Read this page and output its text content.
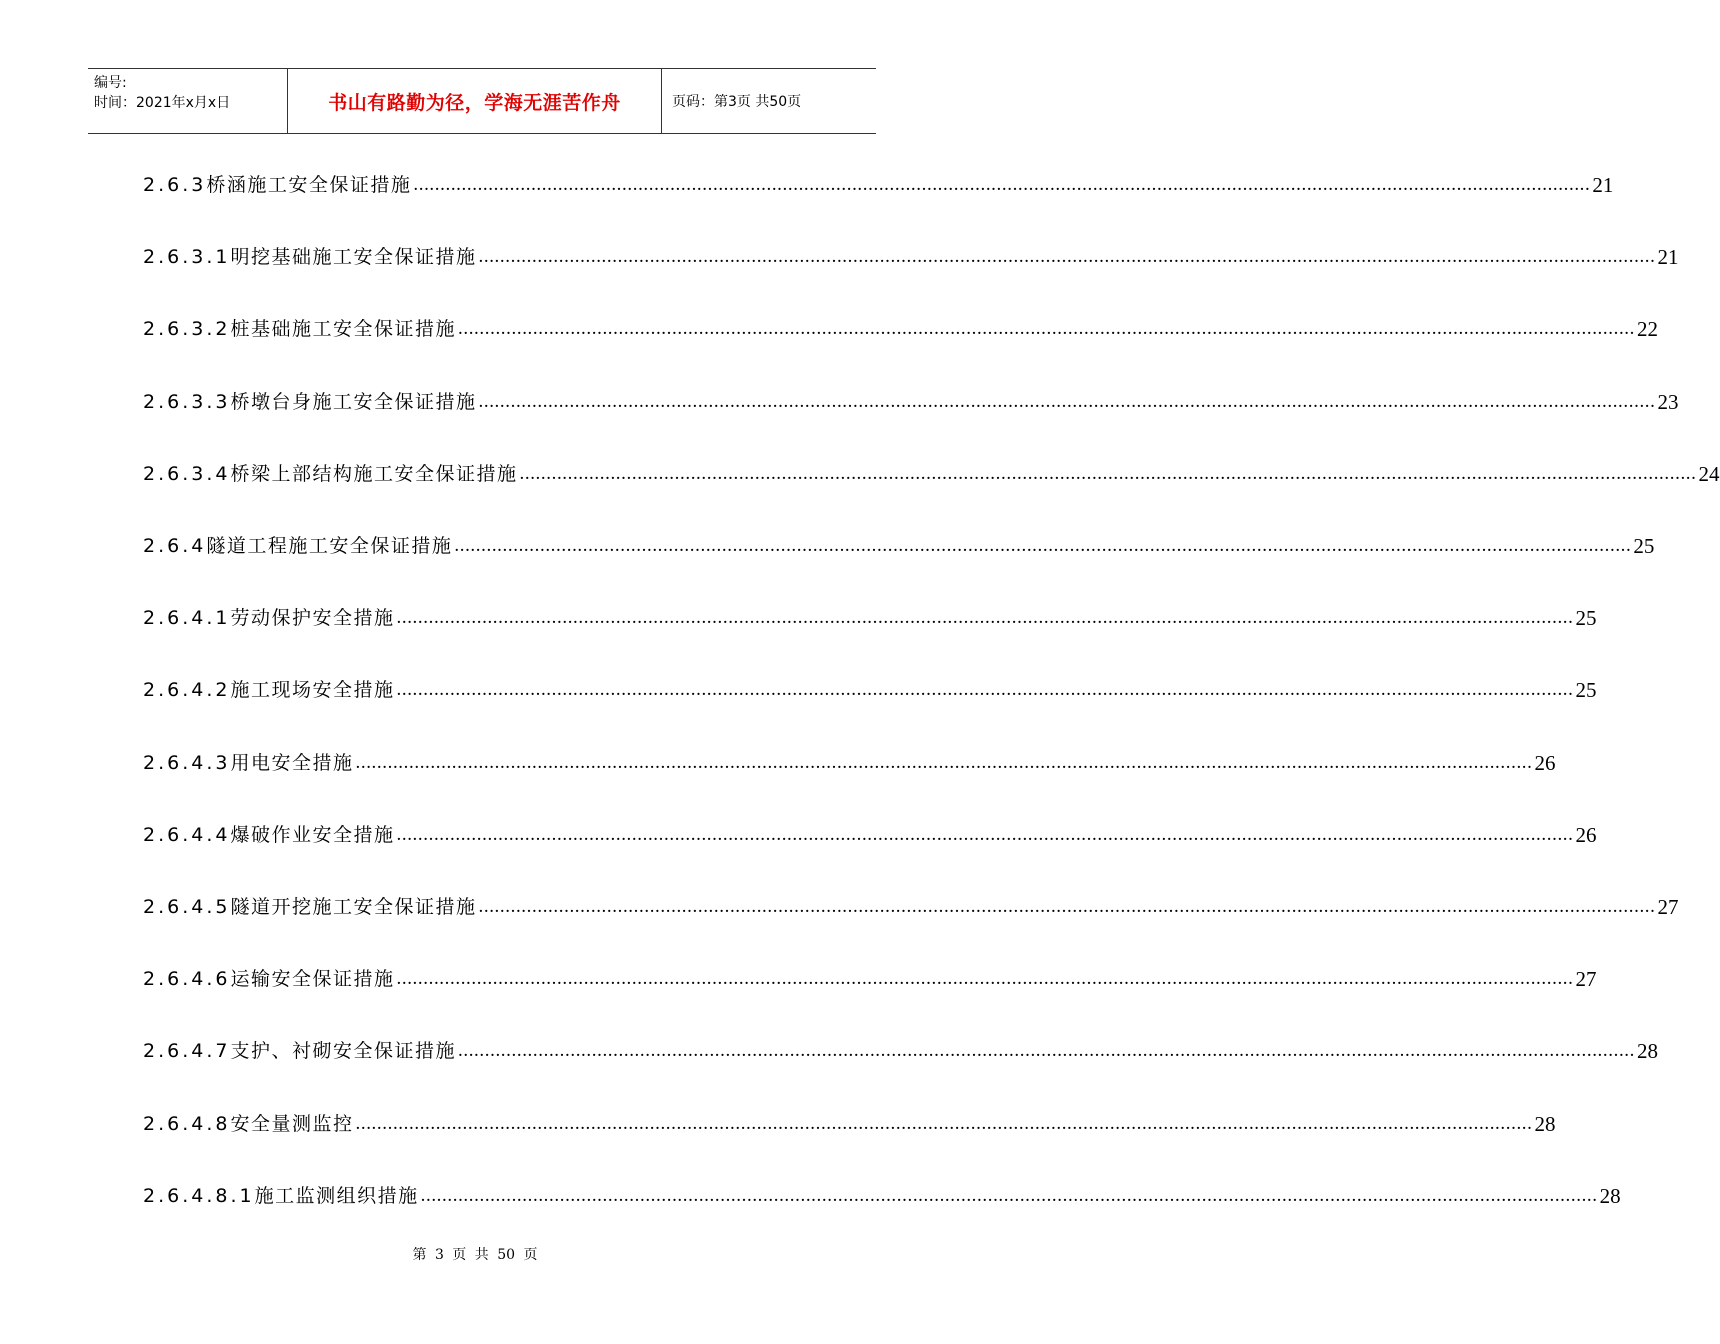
编号:
时间：2021年x月x日	书山有路勤为径，学海无涯苦作舟	页码：第3页 共50页
2.6.3 桥涵施工安全保证措施 ............................................................................................................................................................................................................................ 21
2.6.3.1 明挖基础施工安全保证措施 ............................................................................................................................................................................................................................ 21
2.6.3.2 桩基础施工安全保证措施 ............................................................................................................................................................................................................................ 22
2.6.3.3 桥墩台身施工安全保证措施 ............................................................................................................................................................................................................................ 23
2.6.3.4 桥梁上部结构施工安全保证措施 ............................................................................................................................................................................................................................ 24
2.6.4 隧道工程施工安全保证措施 ............................................................................................................................................................................................................................ 25
2.6.4.1 劳动保护安全措施 ............................................................................................................................................................................................................................ 25
2.6.4.2 施工现场安全措施 ............................................................................................................................................................................................................................ 25
2.6.4.3 用电安全措施 ............................................................................................................................................................................................................................ 26
2.6.4.4 爆破作业安全措施 ............................................................................................................................................................................................................................ 26
2.6.4.5 隧道开挖施工安全保证措施 ............................................................................................................................................................................................................................ 27
2.6.4.6 运输安全保证措施 ............................................................................................................................................................................................................................ 27
2.6.4.7 支护、衬砌安全保证措施 ............................................................................................................................................................................................................................ 28
2.6.4.8 安全量测监控 ............................................................................................................................................................................................................................ 28
2.6.4.8.1 施工监测组织措施 ............................................................................................................................................................................................................................ 28
第 3 页 共 50 页
